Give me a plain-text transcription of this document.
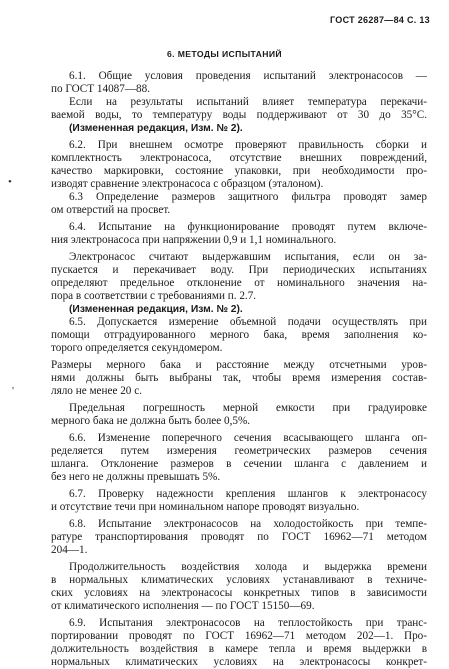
ГОСТ 26287—84 С. 13
6. МЕТОДЫ ИСПЫТАНИЙ
•
'
6.1. Общие условия проведения испытаний электронасосов —
по ГОСТ 14087—88.
Если на результаты испытаний влияет температура перекачи-
ваемой воды, то температуру воды поддерживают от 30 до 35°С.
(Измененная редакция, Изм. № 2).
6.2. При внешнем осмотре проверяют правильность сборки и
комплектность электронасоса, отсутствие внешних повреждений,
качество маркировки, состояние упаковки, при необходимости про-
изводят сравнение электронасоса с образцом (эталоном).
6.3 Определение размеров защитного фильтра проводят замер
ом отверстий на просвет.
6.4. Испытание на функционирование проводят путем включе-
ния электронасоса при напряжении 0,9 и 1,1 номинального.
Электронасос считают выдержавшим испытания, если он за-
пускается и перекачивает воду. При периодических испытаниях
определяют предельное отклонение от номинального значения на-
пора в соответствии с требованиями п. 2.7.
(Измененная редакция, Изм. № 2).
6.5. Допускается измерение объемной подачи осуществлять при
помощи отградуированного мерного бака, время заполнения ко-
торого определяется секундомером.
Размеры мерного бака и расстояние между отсчетными уров-
нями должны быть выбраны так, чтобы время измерения состав-
ляло не менее 20 с.
Предельная погрешность мерной емкости при градуировке
мерного бака не должна быть более 0,5%.
6.6. Изменение поперечного сечения всасывающего шланга оп-
ределяется путем измерения геометрических размеров сечения
шланга. Отклонение размеров в сечении шланга с давлением и
без него не должны превышать 5%.
6.7. Проверку надежности крепления шлангов к электронасосу
и отсутствие течи при номинальном напоре проводят визуально.
6.8. Испытание электронасосов на холодостойкость при темпе-
ратуре транспортирования проводят по ГОСТ 16962—71 методом
204—1.
Продолжительность воздействия холода и выдержка времени
в нормальных климатических условиях устанавливают в техниче-
ских условиях на электронасосы конкретных типов в зависимости
от климатического исполнения — по ГОСТ 15150—69.
6.9. Испытания электронасосов на теплостойкость при транс-
портировании проводят по ГОСТ 16962—71 методом 202—1. Про-
должительность воздействия в камере тепла и время выдержки в
нормальных климатических условиях на электронасосы конкрет-
